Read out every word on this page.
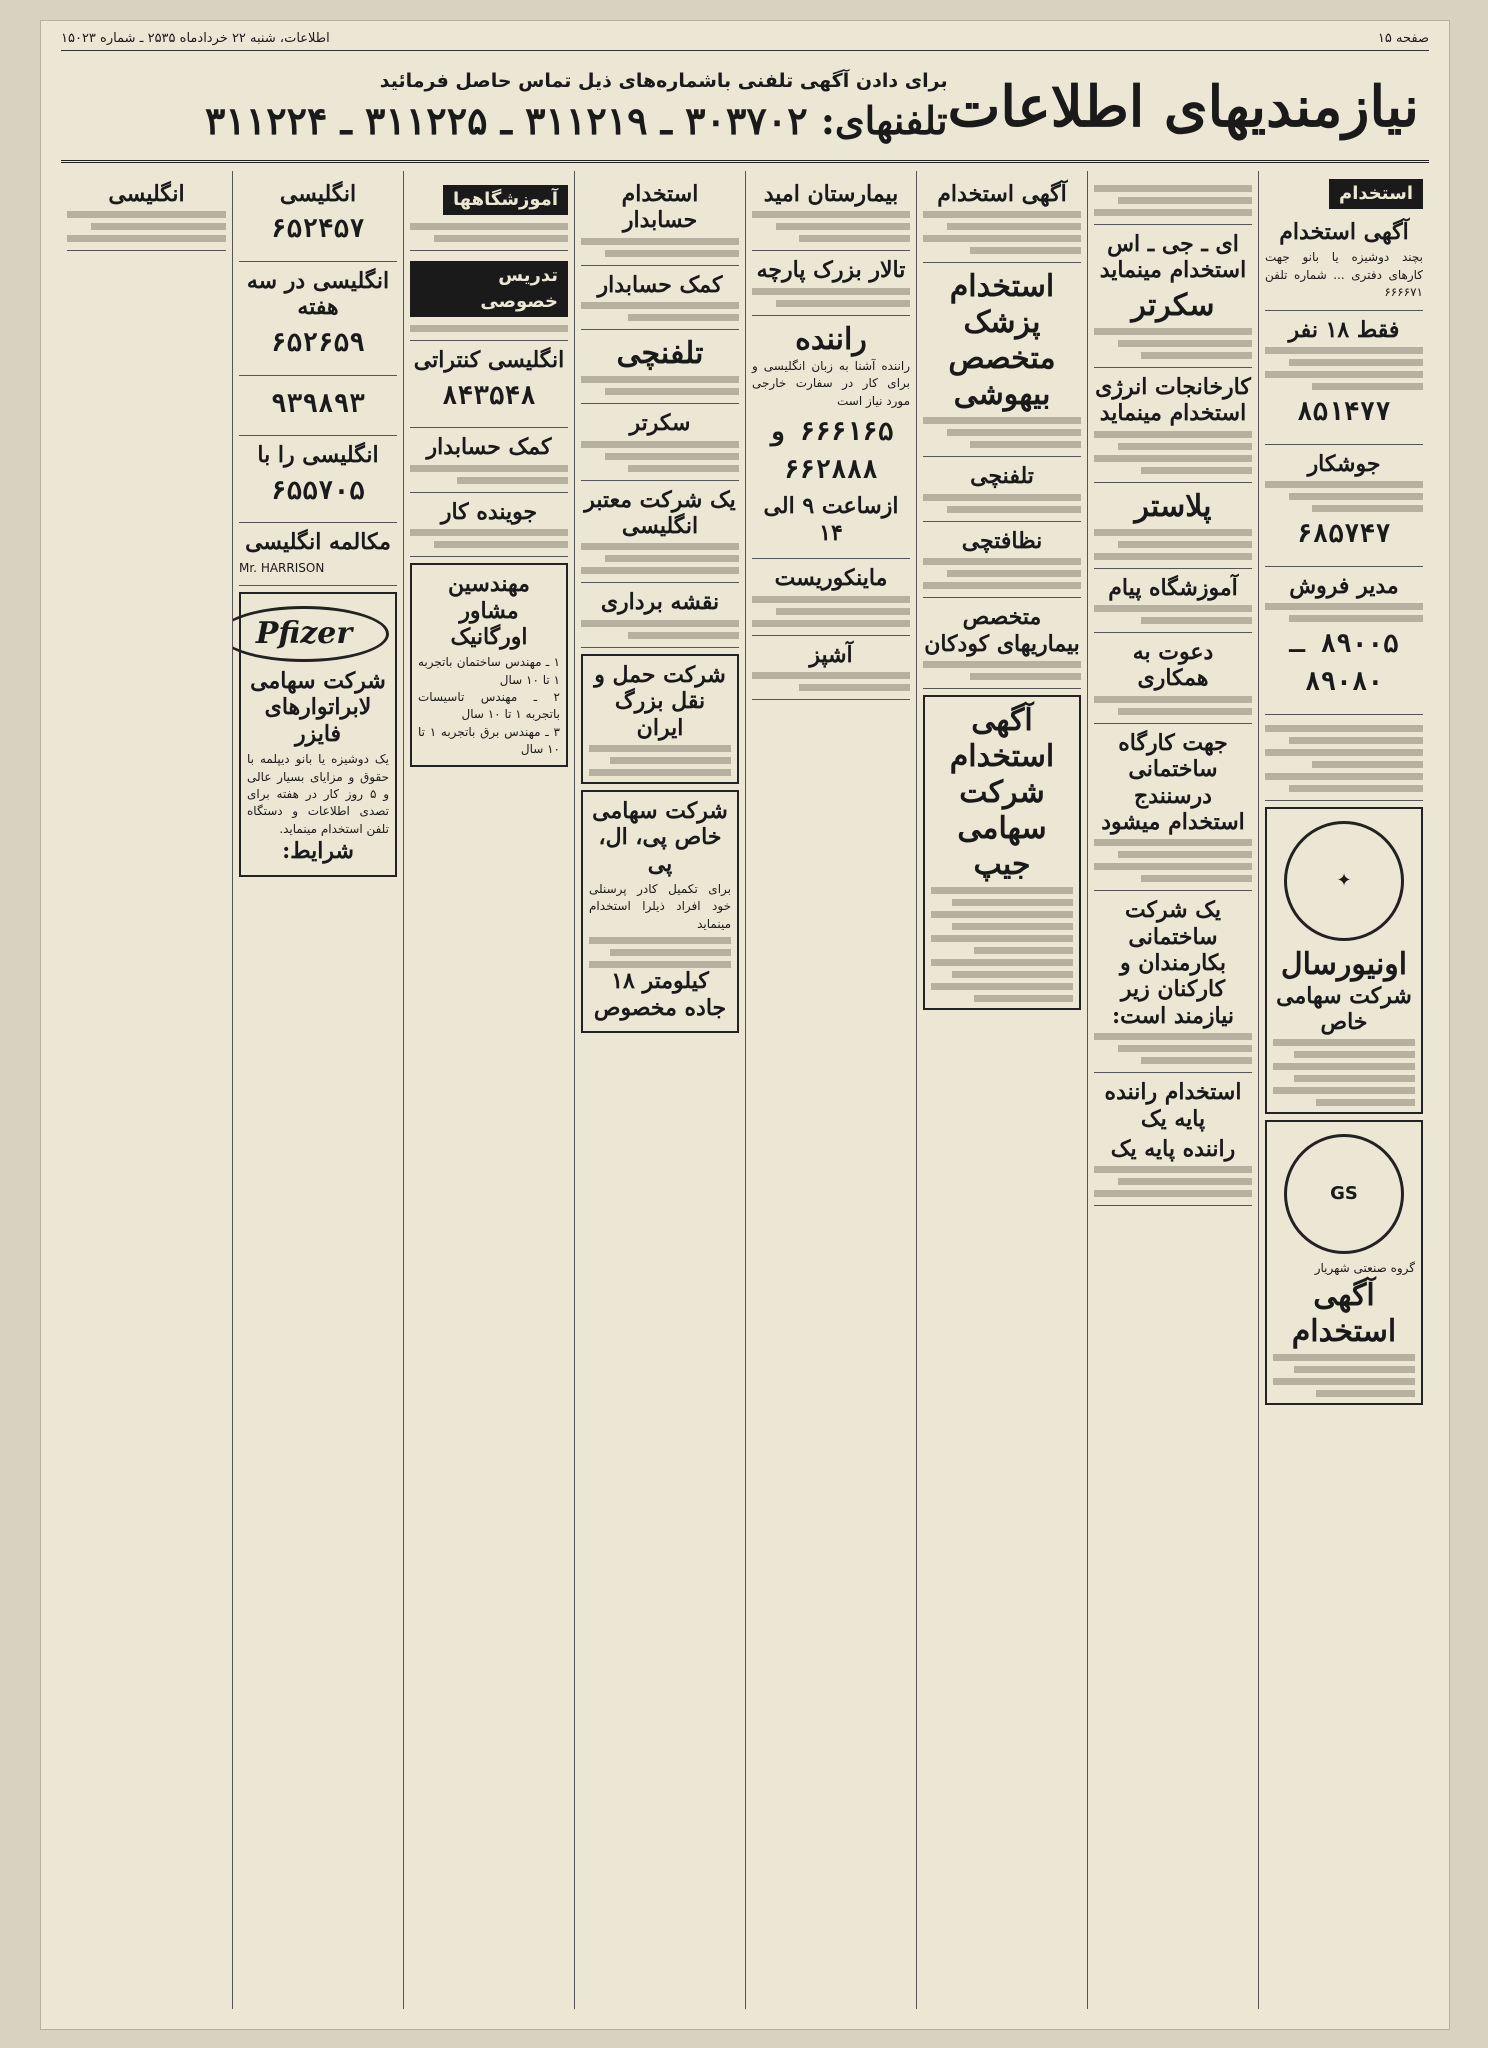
صفحه ۱۵
اطلاعات، شنبه ۲۲ خردادماه ۲۵۳۵ ـ شماره ۱۵۰۲۳
نیازمندیهای اطلاعات
برای دادن آگهی تلفنی باشماره‌های ذیل تماس حاصل فرمائید
تلفنهای: ۳۰۳۷۰۲ ـ ۳۱۱۲۱۹ ـ ۳۱۱۲۲۵ ـ ۳۱۱۲۲۴
استخدام
آگهی استخدام
بچند دوشیزه یا بانو جهت کارهای دفتری ... شماره تلفن ۶۶۶۶۷۱
فقط ۱۸ نفر
۸۵۱۴۷۷
جوشکار
۶۸۵۷۴۷
مدیر فروش
۸۹۰۰۵ ـ ۸۹۰۸۰
✦
اونیورسال
شرکت سهامی خاص
GS
گروه صنعتی شهریار
آگهی استخدام
ای ـ جی ـ اس استخدام مینماید
سکرتر
کارخانجات انرژی استخدام مینماید
پلاستر
آموزشگاه پیام
دعوت به همکاری
جهت کارگاه ساختمانی درسنندج استخدام میشود
یک شرکت ساختمانی بکارمندان و کارکنان زیر نیازمند است:
استخدام راننده پایه یک
راننده پایه یک
آگهی استخدام
استخدام پزشک متخصص بیهوشی
تلفنچی
نظافتچی
متخصص بیماریهای کودکان
آگهی استخدام شرکت سهامی جیپ
بیمارستان امید
تالار بزرک پارچه
راننده
راننده آشنا به زبان انگلیسی و برای کار در سفارت خارجی مورد نیاز است
۶۶۶۱۶۵ و ۶۶۲۸۸۸
ازساعت ۹ الی ۱۴
ماینکوریست
آشپز
استخدام حسابدار
کمک حسابدار
تلفنچی
سکرتر
یک شرکت معتبر انگلیسی
نقشه برداری
شرکت حمل و نقل بزرگ ایران
شرکت سهامی خاص پی، ال، پی
برای تکمیل کادر پرسنلی خود افراد ذیلرا استخدام مینماید
کیلومتر ۱۸ جاده مخصوص
آموزشگاهها
تدریس خصوصی
انگلیسی کنتراتی
۸۴۳۵۴۸
کمک حسابدار
جوینده کار
مهندسین مشاور اورگانیک
۱ ـ مهندس ساختمان باتجربه ۱ تا ۱۰ سال
۲ ـ مهندس تاسیسات باتجربه ۱ تا ۱۰ سال
۳ ـ مهندس برق باتجربه ۱ تا ۱۰ سال
انگلیسی
۶۵۲۴۵۷
انگلیسی در سه هفته
۶۵۲۶۵۹
۹۳۹۸۹۳
انگلیسی را با
۶۵۵۷۰۵
مکالمه انگلیسی
Mr. HARRISON
Pfizer
شرکت سهامی لابراتوارهای فایزر
یک دوشیزه یا بانو دیپلمه با حقوق و مزایای بسیار عالی و ۵ روز کار در هفته برای تصدی اطلاعات و دستگاه تلفن استخدام مینماید.
شرایط:
انگلیسی
